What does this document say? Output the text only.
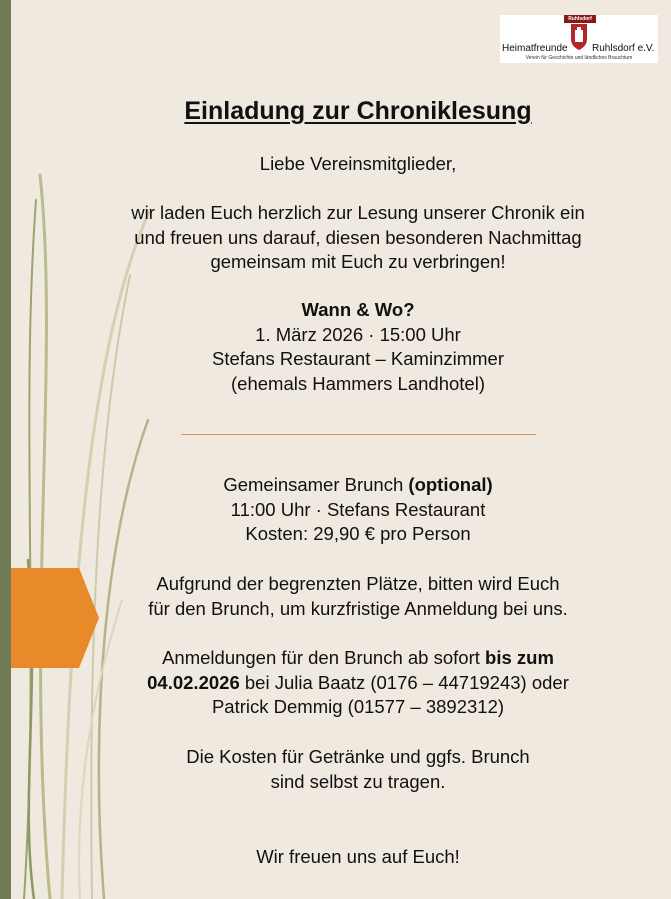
Ruhlsdorf
Heimatfreunde Ruhlsdorf e.V.
Verein für Geschichte und ländliches Brauchtum
Einladung zur Chroniklesung

Liebe Vereinsmitglieder,

wir laden Euch herzlich zur Lesung unserer Chronik ein

und freuen uns darauf, diesen besonderen Nachmittag

gemeinsam mit Euch zu verbringen!

Wann & Wo?

1. März 2026 · 15:00 Uhr

Stefans Restaurant – Kaminzimmer

(ehemals Hammers Landhotel)

Gemeinsamer Brunch (optional)

11:00 Uhr · Stefans Restaurant

Kosten: 29,90 € pro Person

Aufgrund der begrenzten Plätze, bitten wird Euch

für den Brunch, um kurzfristige Anmeldung bei uns.

Anmeldungen für den Brunch ab sofort bis zum

04.02.2026 bei Julia Baatz (0176 – 44719243) oder

Patrick Demmig (01577 – 3892312)

Die Kosten für Getränke und ggfs. Brunch

sind selbst zu tragen.

Wir freuen uns auf Euch!
